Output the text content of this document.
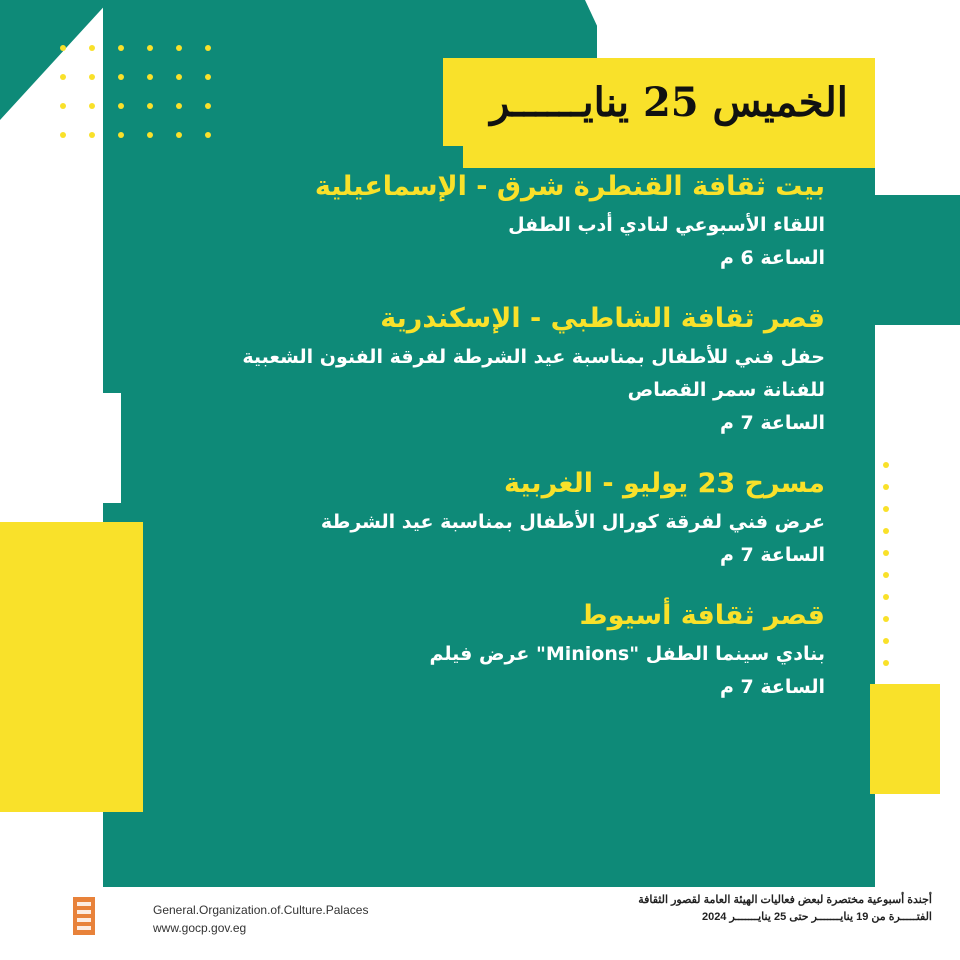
الخميس 25 ينايــــــر
بيت ثقافة القنطرة شرق - الإسماعيلية
اللقاء الأسبوعي لنادي أدب الطفل
الساعة 6 م
قصر ثقافة الشاطبي - الإسكندرية
حفل فني للأطفال بمناسبة عيد الشرطة لفرقة الفنون الشعبية
للفنانة سمر القصاص
الساعة 7 م
مسرح 23 يوليو - الغربية
عرض فني لفرقة كورال الأطفال بمناسبة عيد الشرطة
الساعة 7 م
قصر ثقافة أسيوط
بنادي سينما الطفل "Minions" عرض فيلم
الساعة 7 م
General.Organization.of.Culture.Palaces
www.gocp.gov.eg
أجندة أسبوعية مختصرة لبعض فعاليات الهيئة العامة لقصور الثقافة
الفتـــــرة من 19 ينايـــــــر حتى 25 ينايـــــــر 2024
